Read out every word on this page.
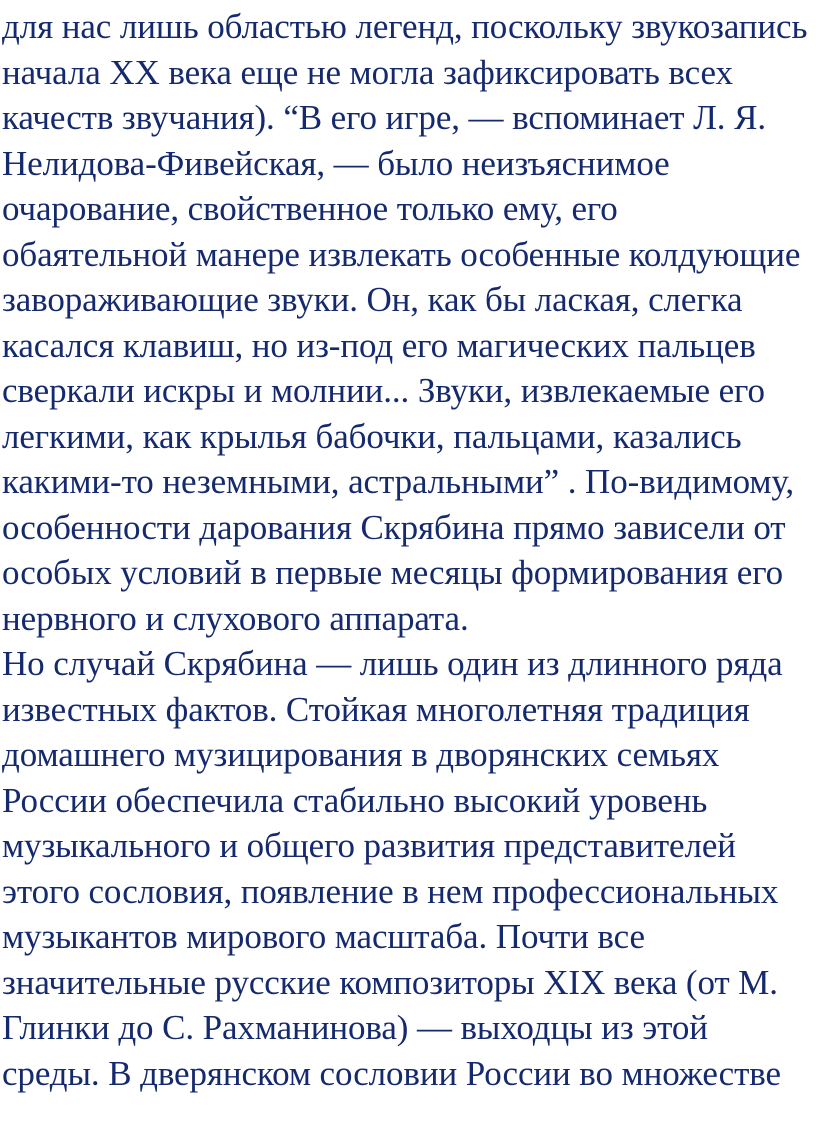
для нас лишь областью легенд, поскольку звукозапись
начала XX века еще не могла зафиксировать всех
качеств звучания). “В его игре, — вспоминает Л. Я.
Нелидова-Фивейская, — было неизъяснимое
очарование, свойственное только ему, его
обаятельной манере извлекать особенные колдующие
завораживающие звуки. Он, как бы лаская, слегка
касался клавиш, но из-под его магических пальцев
сверкали искры и молнии... Звуки, извлекаемые его
легкими, как крылья бабочки, пальцами, казались
какими-то неземными, астральными” . По-видимому,
особенности дарования Скрябина прямо зависели от
особых условий в первые месяцы формирования его
нервного и слухового аппарата.
Но случай Скрябина — лишь один из длинного ряда
известных фактов. Стойкая многолетняя традиция
домашнего музицирования в дворянских семьях
России обеспечила стабильно высокий уровень
музыкального и общего развития представителей
этого сословия, появление в нем профессиональных
музыкантов мирового масштаба. Почти все
значительные русские композиторы XIX века (от М.
Глинки до С. Рахманинова) — выходцы из этой
среды. В дверянском сословии России во множестве
